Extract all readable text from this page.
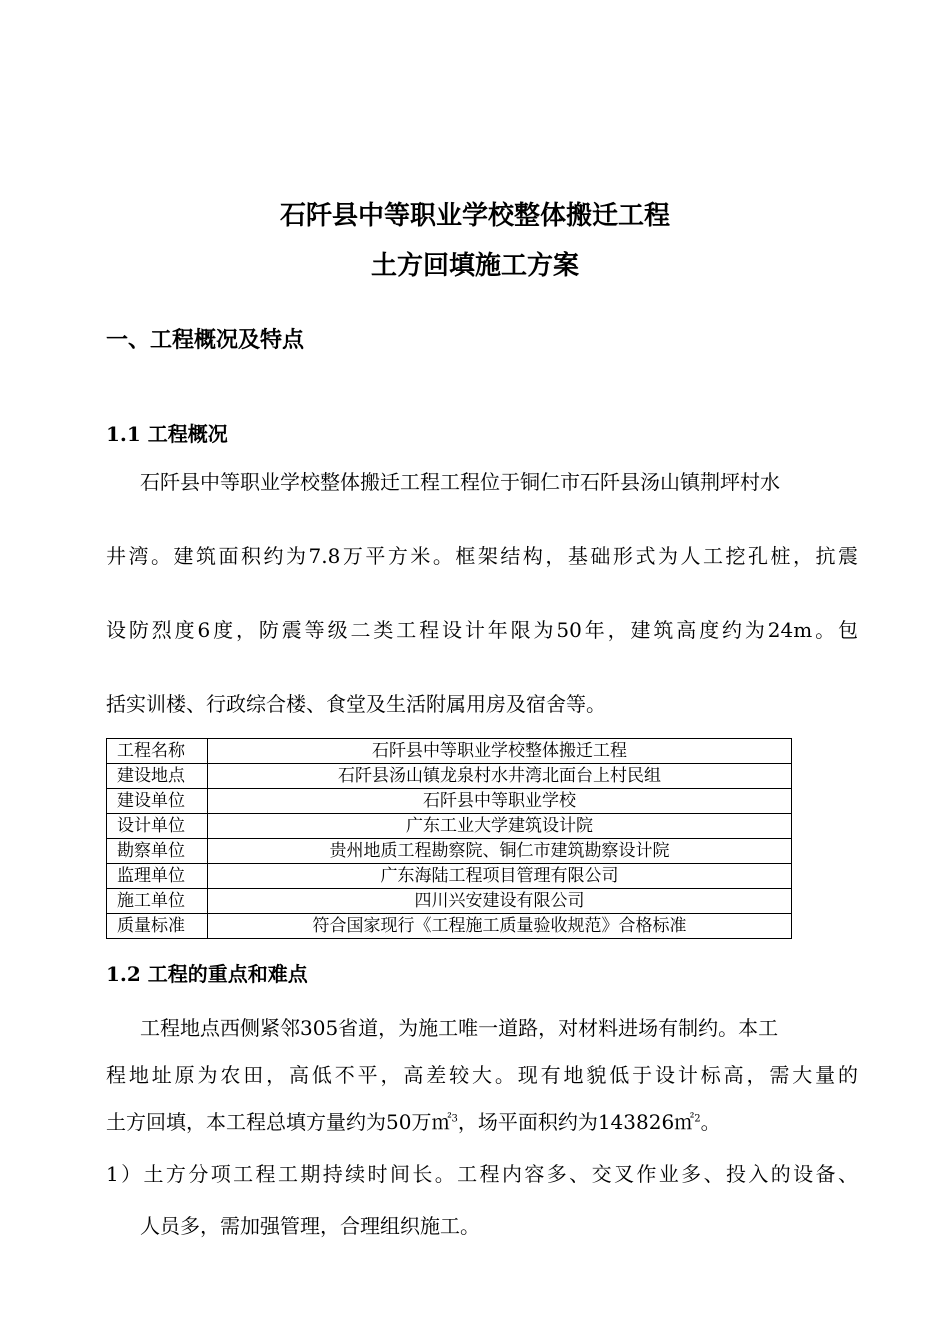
石阡县中等职业学校整体搬迁工程
土方回填施工方案
一、工程概况及特点
1.1 工程概况
石阡县中等职业学校整体搬迁工程工程位于铜仁市石阡县汤山镇荆坪村水
井湾。建筑面积约为7.8万平方米。框架结构，基础形式为人工挖孔桩，抗震
设防烈度6度，防震等级二类工程设计年限为50年，建筑高度约为24m。包
括实训楼、行政综合楼、食堂及生活附属用房及宿舍等。
工程名称	石阡县中等职业学校整体搬迁工程
建设地点	石阡县汤山镇龙泉村水井湾北面台上村民组
建设单位	石阡县中等职业学校
设计单位	广东工业大学建筑设计院
勘察单位	贵州地质工程勘察院、铜仁市建筑勘察设计院
监理单位	广东海陆工程项目管理有限公司
施工单位	四川兴安建设有限公司
质量标准	符合国家现行《工程施工质量验收规范》合格标准
1.2 工程的重点和难点
工程地点西侧紧邻305省道，为施工唯一道路，对材料进场有制约。本工
程地址原为农田，高低不平，高差较大。现有地貌低于设计标高，需大量的
土方回填，本工程总填方量约为50万㎡$^3$，场平面积约为143826㎡$^2$。
1）土方分项工程工期持续时间长。工程内容多、交叉作业多、投入的设备、
人员多，需加强管理，合理组织施工。
